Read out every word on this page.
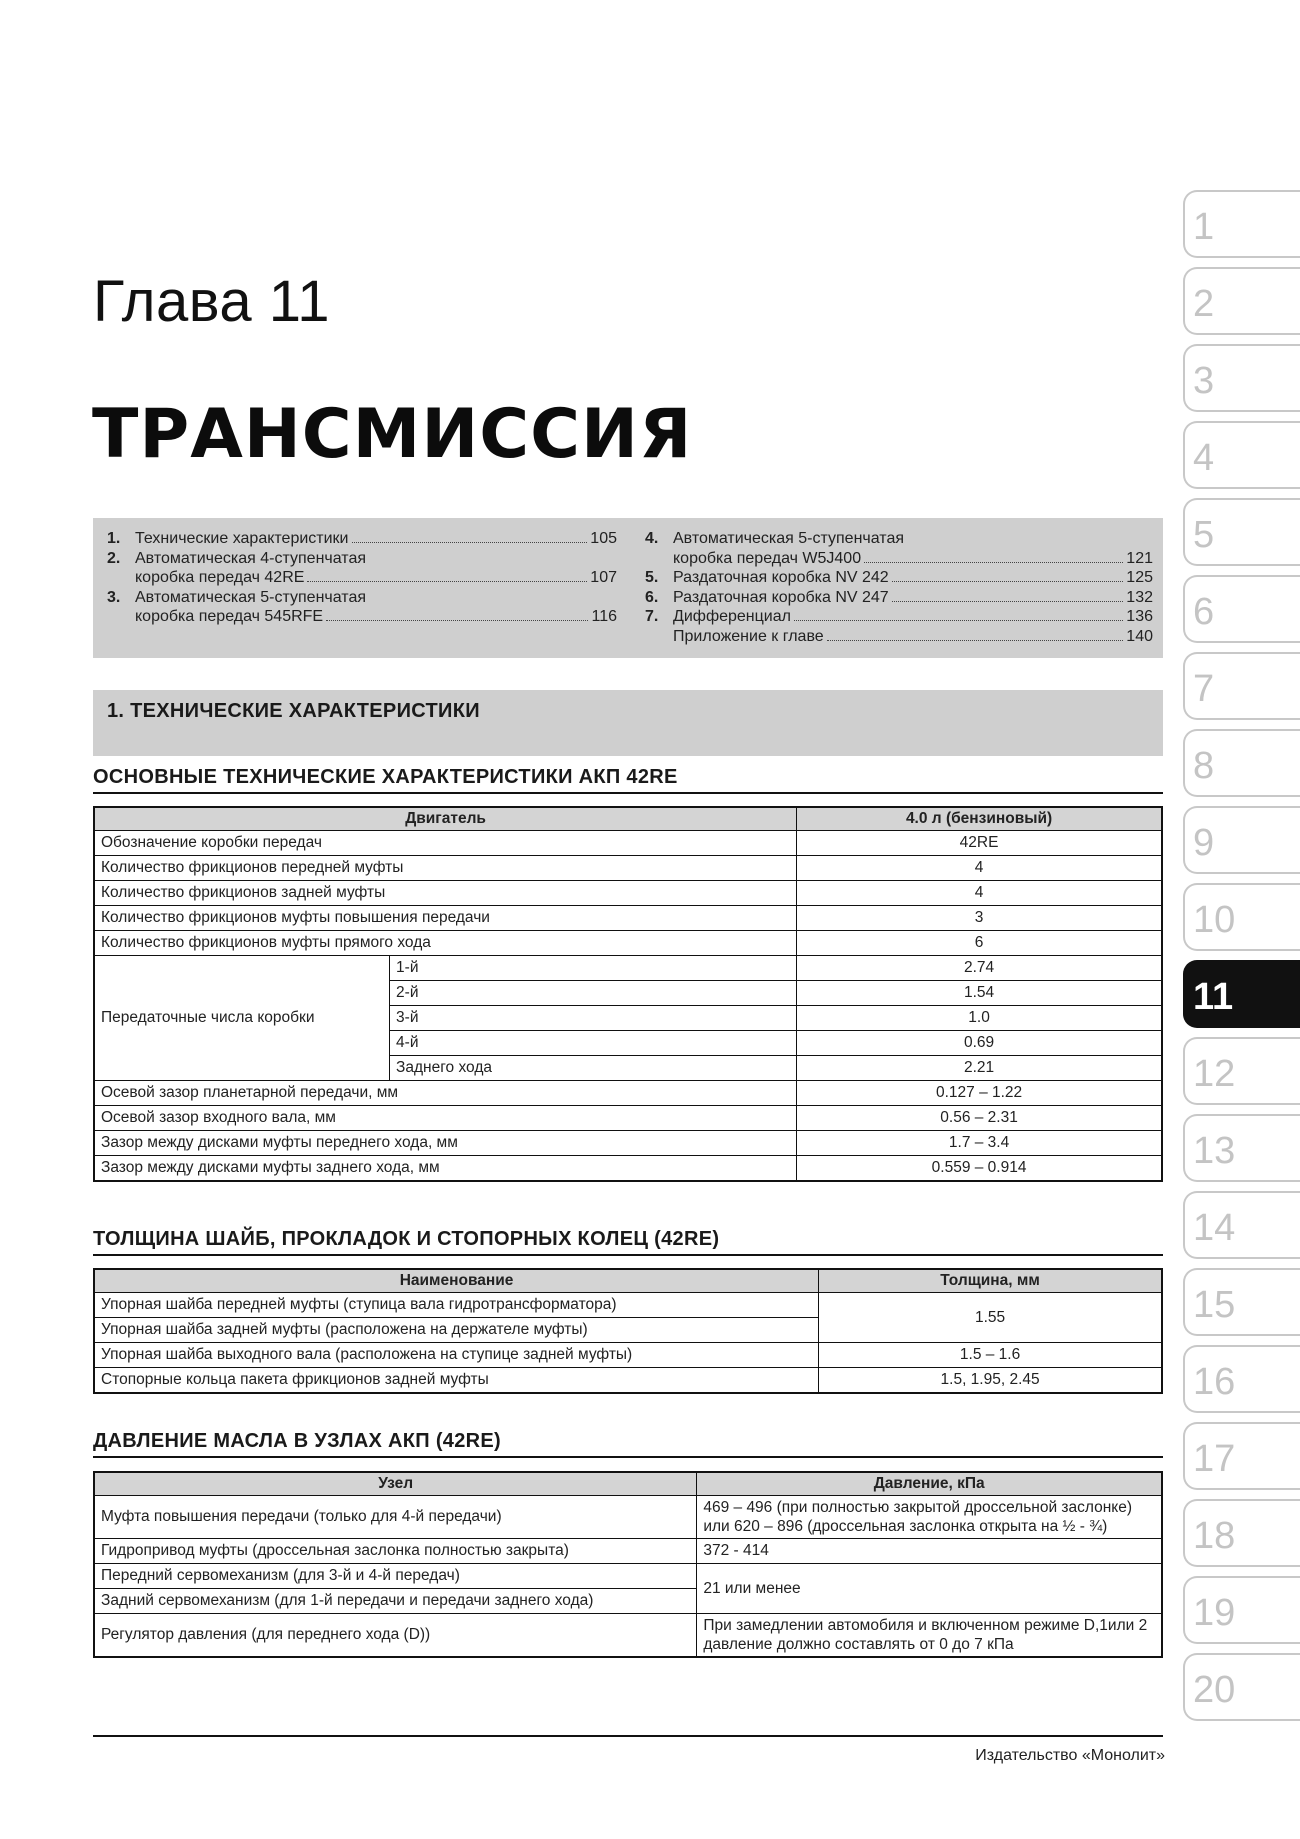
Глава 11
ТРАНСМИССИЯ
1. Технические характеристики	105
2. Автоматическая 4-ступенчатая
коробка передач 42RE	107
3. Автоматическая 5-ступенчатая
коробка передач 545RFE	116
4. Автоматическая 5-ступенчатая
коробка передач W5J400	121
5. Раздаточная коробка NV 242	125
6. Раздаточная коробка NV 247	132
7. Дифференциал	136
Приложение к главе	140
1. ТЕХНИЧЕСКИЕ ХАРАКТЕРИСТИКИ
ОСНОВНЫЕ ТЕХНИЧЕСКИЕ ХАРАКТЕРИСТИКИ АКП 42RE
Двигатель		4.0 л (бензиновый)
Обозначение коробки передач		42RE
Количество фрикционов передней муфты		4
Количество фрикционов задней муфты		4
Количество фрикционов муфты повышения передачи		3
Количество фрикционов муфты прямого хода		6
Передаточные числа коробки	1-й	2.74
	2-й	1.54
	3-й	1.0
	4-й	0.69
	Заднего хода	2.21
Осевой зазор планетарной передачи, мм		0.127 – 1.22
Осевой зазор входного вала, мм		0.56 – 2.31
Зазор между дисками муфты переднего хода, мм		1.7 – 3.4
Зазор между дисками муфты заднего хода, мм		0.559 – 0.914
ТОЛЩИНА ШАЙБ, ПРОКЛАДОК И СТОПОРНЫХ КОЛЕЦ (42RE)
Наименование	Толщина, мм
Упорная шайба передней муфты (ступица вала гидротрансформатора)	1.55
Упорная шайба задней муфты (расположена на держателе муфты)	
Упорная шайба выходного вала (расположена на ступице задней муфты)	1.5 – 1.6
Стопорные кольца пакета фрикционов задней муфты	1.5, 1.95, 2.45
ДАВЛЕНИЕ МАСЛА В УЗЛАХ АКП (42RE)
Узел	Давление, кПа
Муфта повышения передачи (только для 4-й передачи)	469 – 496 (при полностью закрытой дроссельной заслонке) или 620 – 896 (дроссельная заслонка открыта на ½ - ¾)
Гидропривод муфты (дроссельная заслонка полностью закрыта)	372 - 414
Передний сервомеханизм (для 3-й и 4-й передач)	21 или менее
Задний сервомеханизм (для 1-й передачи и передачи заднего хода)	
Регулятор давления (для переднего хода (D))	При замедлении автомобиля и включенном режиме D,1или 2 давление должно составлять от 0 до 7 кПа
1
2
3
4
5
6
7
8
9
10
11
12
13
14
15
16
17
18
19
20
Издательство «Монолит»
